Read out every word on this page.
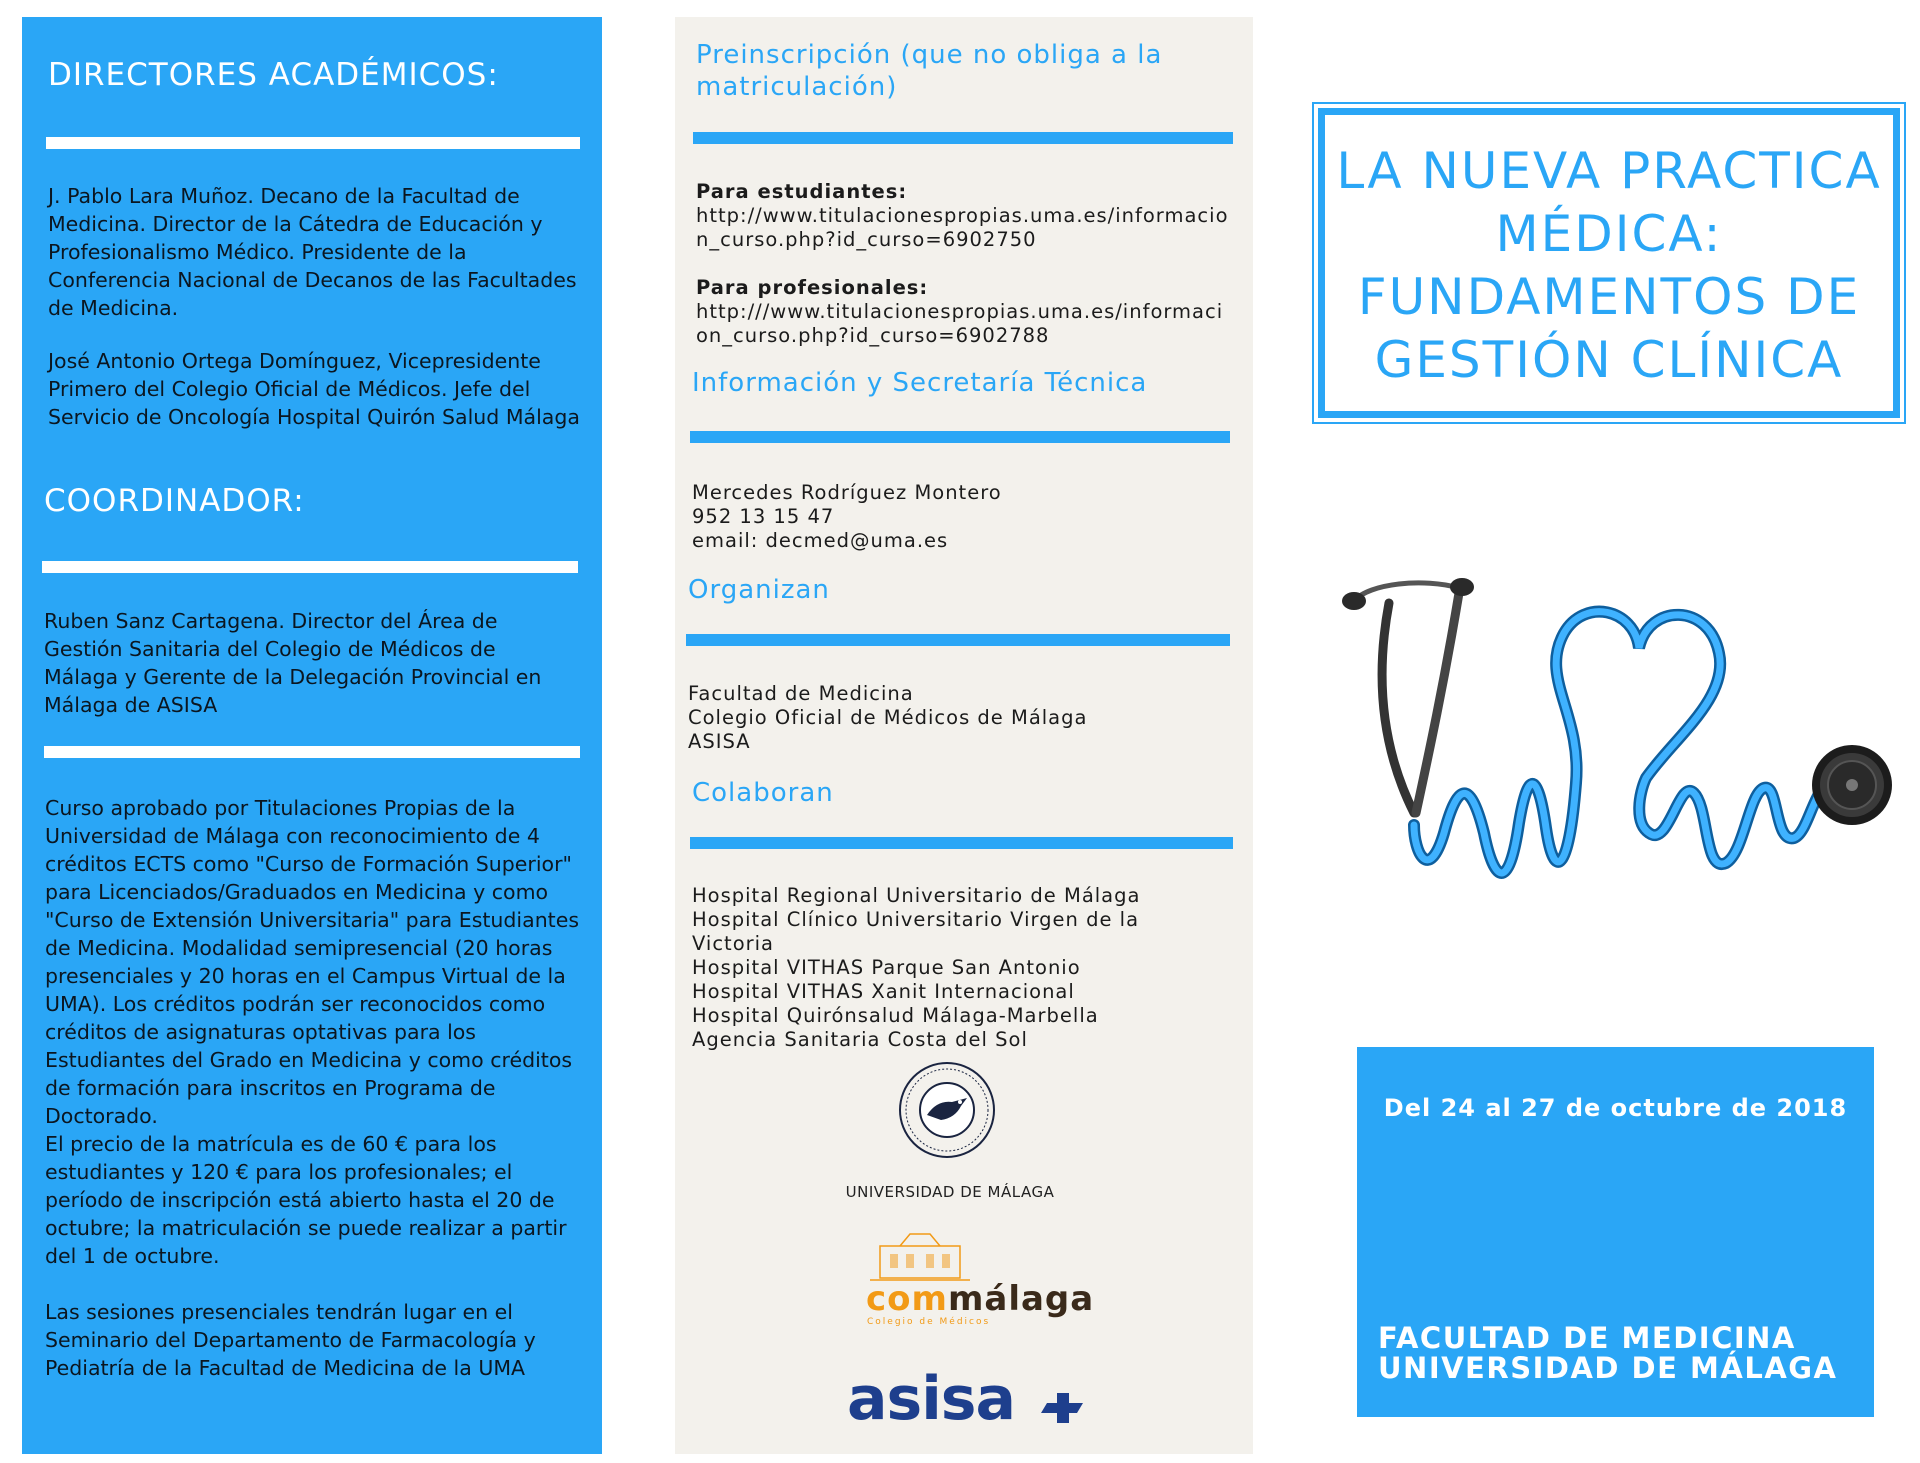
DIRECTORES ACADÉMICOS:

J. Pablo Lara Muñoz. Decano de la Facultad de Medicina. Director de la Cátedra de Educación y Profesionalismo Médico. Presidente de la Conferencia Nacional de Decanos de las Facultades de Medicina.

José Antonio Ortega Domínguez, Vicepresidente Primero del Colegio Oficial de Médicos. Jefe del Servicio de Oncología Hospital Quirón Salud Málaga

COORDINADOR:

Ruben Sanz Cartagena. Director del Área de Gestión Sanitaria del Colegio de Médicos de Málaga y Gerente de la Delegación Provincial en Málaga de ASISA

Curso aprobado por Titulaciones Propias de la Universidad de Málaga con reconocimiento de 4 créditos ECTS como "Curso de Formación Superior" para Licenciados/Graduados en Medicina y como "Curso de Extensión Universitaria" para Estudiantes de Medicina. Modalidad semipresencial (20 horas presenciales y 20 horas en el Campus Virtual de la UMA). Los créditos podrán ser reconocidos como créditos de asignaturas optativas para los Estudiantes del Grado en Medicina y como créditos de formación para inscritos en Programa de Doctorado.

El precio de la matrícula es de 60 € para los estudiantes y 120 € para los profesionales; el período de inscripción está abierto hasta el 20 de octubre; la matriculación se puede realizar a partir del 1 de octubre.

Las sesiones presenciales tendrán lugar en el Seminario del Departamento de Farmacología y Pediatría de la Facultad de Medicina de la UMA

Preinscripción (que no obliga a la matriculación)
Para estudiantes:
http://www.titulacionespropias.uma.es/informacion_curso.php?id_curso=6902750
Para profesionales:
http:///www.titulacionespropias.uma.es/informacion_curso.php?id_curso=6902788
Información y Secretaría Técnica
Mercedes Rodríguez Montero
952 13 15 47
email: decmed@uma.es
Organizan
Facultad de Medicina
Colegio Oficial de Médicos de Málaga
ASISA
Colaboran
Hospital Regional Universitario de Málaga
Hospital Clínico Universitario Virgen de la Victoria
Hospital VITHAS Parque San Antonio
Hospital VITHAS Xanit Internacional
Hospital Quirónsalud Málaga-Marbella
Agencia Sanitaria Costa del Sol
UNIVERSIDAD DE MÁLAGA
commálaga
Colegio de Médicos
asisa
LA NUEVA PRACTICA
MÉDICA:
FUNDAMENTOS DE
GESTIÓN CLÍNICA
Del 24 al 27 de octubre de 2018
FACULTAD DE MEDICINA
UNIVERSIDAD DE MÁLAGA
